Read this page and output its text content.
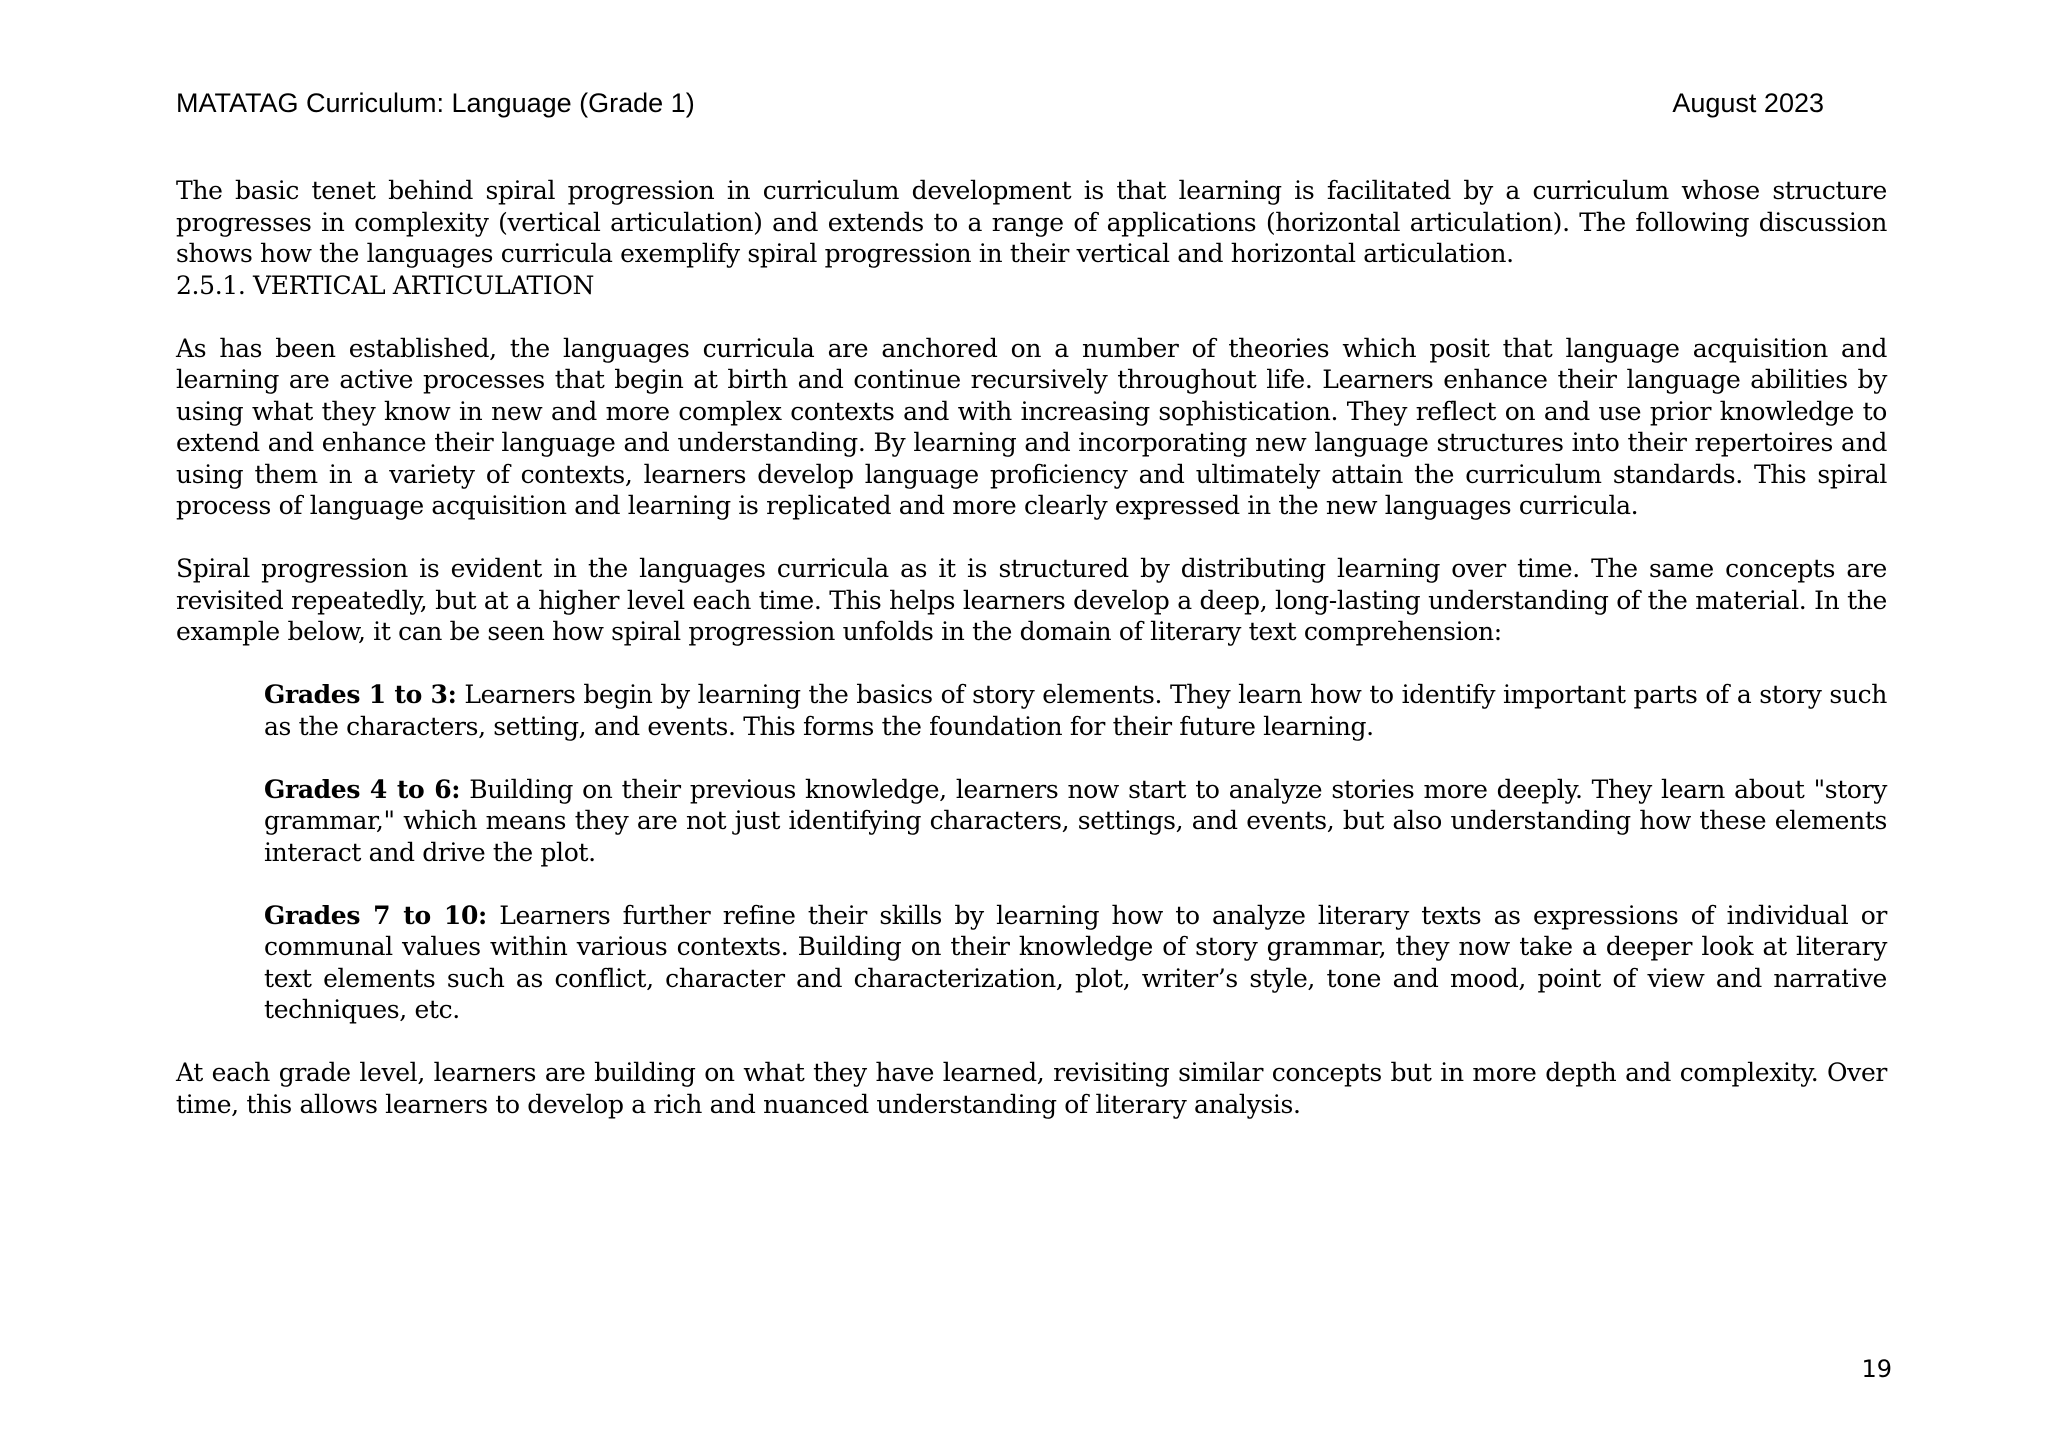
MATATAG Curriculum: Language (Grade 1)	August 2023

The basic tenet behind spiral progression in curriculum development is that learning is facilitated by a curriculum whose structure progresses in complexity (vertical articulation) and extends to a range of applications (horizontal articulation). The following discussion shows how the languages curricula exemplify spiral progression in their vertical and horizontal articulation.

2.5.1. VERTICAL ARTICULATION

As has been established, the languages curricula are anchored on a number of theories which posit that language acquisition and learning are active processes that begin at birth and continue recursively throughout life. Learners enhance their language abilities by using what they know in new and more complex contexts and with increasing sophistication. They reflect on and use prior knowledge to extend and enhance their language and understanding. By learning and incorporating new language structures into their repertoires and using them in a variety of contexts, learners develop language proficiency and ultimately attain the curriculum standards. This spiral process of language acquisition and learning is replicated and more clearly expressed in the new languages curricula.

Spiral progression is evident in the languages curricula as it is structured by distributing learning over time. The same concepts are revisited repeatedly, but at a higher level each time. This helps learners develop a deep, long-lasting understanding of the material. In the example below, it can be seen how spiral progression unfolds in the domain of literary text comprehension:

Grades 1 to 3: Learners begin by learning the basics of story elements. They learn how to identify important parts of a story such as the characters, setting, and events. This forms the foundation for their future learning.

Grades 4 to 6: Building on their previous knowledge, learners now start to analyze stories more deeply. They learn about "story grammar," which means they are not just identifying characters, settings, and events, but also understanding how these elements interact and drive the plot.

Grades 7 to 10: Learners further refine their skills by learning how to analyze literary texts as expressions of individual or communal values within various contexts. Building on their knowledge of story grammar, they now take a deeper look at literary text elements such as conflict, character and characterization, plot, writer’s style, tone and mood, point of view and narrative techniques, etc.

At each grade level, learners are building on what they have learned, revisiting similar concepts but in more depth and complexity. Over time, this allows learners to develop a rich and nuanced understanding of literary analysis.

19
